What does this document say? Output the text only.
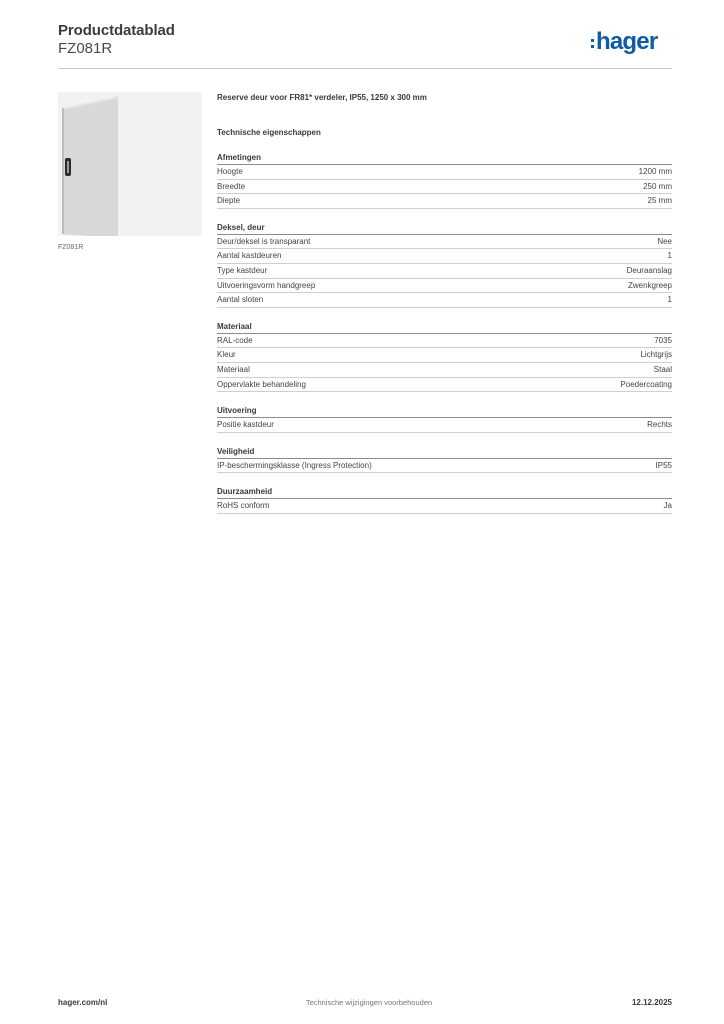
Productdatablad
FZ081R	hager
FZ081R
Reserve deur voor FR81* verdeler, IP55, 1250 x 300 mm
Technische eigenschappen
Afmetingen
Hoogte	1200 mm
Breedte	250 mm
Diepte	25 mm
Deksel, deur
Deur/deksel is transparant	Nee
Aantal kastdeuren	1
Type kastdeur	Deuraanslag
Uitvoeringsvorm handgreep	Zwenkgreep
Aantal sloten	1
Materiaal
RAL-code	7035
Kleur	Lichtgrijs
Materiaal	Staal
Oppervlakte behandeling	Poedercoating
Uitvoering
Positie kastdeur	Rechts
Veiligheid
IP-beschermingsklasse (Ingress Protection)	IP55
Duurzaamheid
RoHS conform	Ja
hager.com/nl	Technische wijzigingen voorbehouden	12.12.2025
